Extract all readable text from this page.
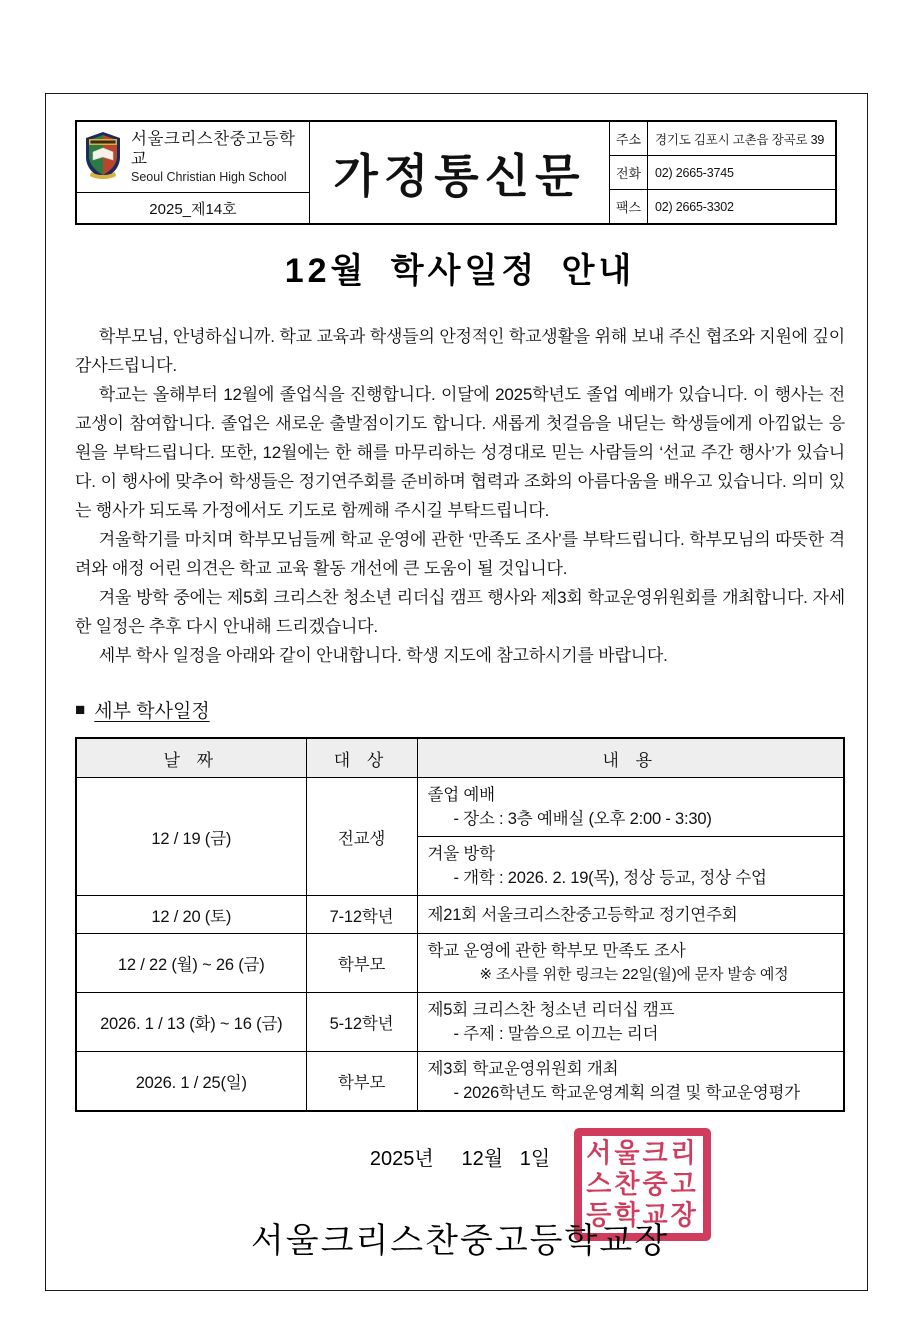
서울크리스찬중고등학교
Seoul Christian High School
2025_제14호
가정통신문
주소	경기도 김포시 고촌읍 장곡로 39
전화	02) 2665-3745
팩스	02) 2665-3302
12월 학사일정 안내

학부모님, 안녕하십니까. 학교 교육과 학생들의 안정적인 학교생활을 위해 보내 주신 협조와 지원에 깊이 감사드립니다.

학교는 올해부터 12월에 졸업식을 진행합니다. 이달에 2025학년도 졸업 예배가 있습니다. 이 행사는 전교생이 참여합니다. 졸업은 새로운 출발점이기도 합니다. 새롭게 첫걸음을 내딛는 학생들에게 아낌없는 응원을 부탁드립니다. 또한, 12월에는 한 해를 마무리하는 성경대로 믿는 사람들의 ‘선교 주간 행사’가 있습니다. 이 행사에 맞추어 학생들은 정기연주회를 준비하며 협력과 조화의 아름다움을 배우고 있습니다. 의미 있는 행사가 되도록 가정에서도 기도로 함께해 주시길 부탁드립니다.

겨울학기를 마치며 학부모님들께 학교 운영에 관한 ‘만족도 조사’를 부탁드립니다. 학부모님의 따뜻한 격려와 애정 어린 의견은 학교 교육 활동 개선에 큰 도움이 될 것입니다.

겨울 방학 중에는 제5회 크리스찬 청소년 리더십 캠프 행사와 제3회 학교운영위원회를 개최합니다. 자세한 일정은 추후 다시 안내해 드리겠습니다.

세부 학사 일정을 아래와 같이 안내합니다. 학생 지도에 참고하시기를 바랍니다.

■ 세부 학사일정
날 짜	대 상	내 용
12 / 19 (금)	전교생	졸업 예배
- 장소 : 3층 예배실 (오후 2:00 - 3:30)

		겨울 방학
- 개학 : 2026. 2. 19(목), 정상 등교, 정상 수업

12 / 20 (토)	7-12학년	제21회 서울크리스찬중고등학교 정기연주회

12 / 22 (월) ~ 26 (금)	학부모	학교 운영에 관한 학부모 만족도 조사
※ 조사를 위한 링크는 22일(월)에 문자 발송 예정

2026. 1 / 13 (화) ~ 16 (금)	5-12학년	제5회 크리스찬 청소년 리더십 캠프
- 주제 : 말씀으로 이끄는 리더

2026. 1 / 25(일)	학부모	제3회 학교운영위원회 개최
- 2026학년도 학교운영계획 의결 및 학교운영평가
2025년     12월   1일
서울크리스찬중고등학교장
서울크리
스찬중고
등학교장
